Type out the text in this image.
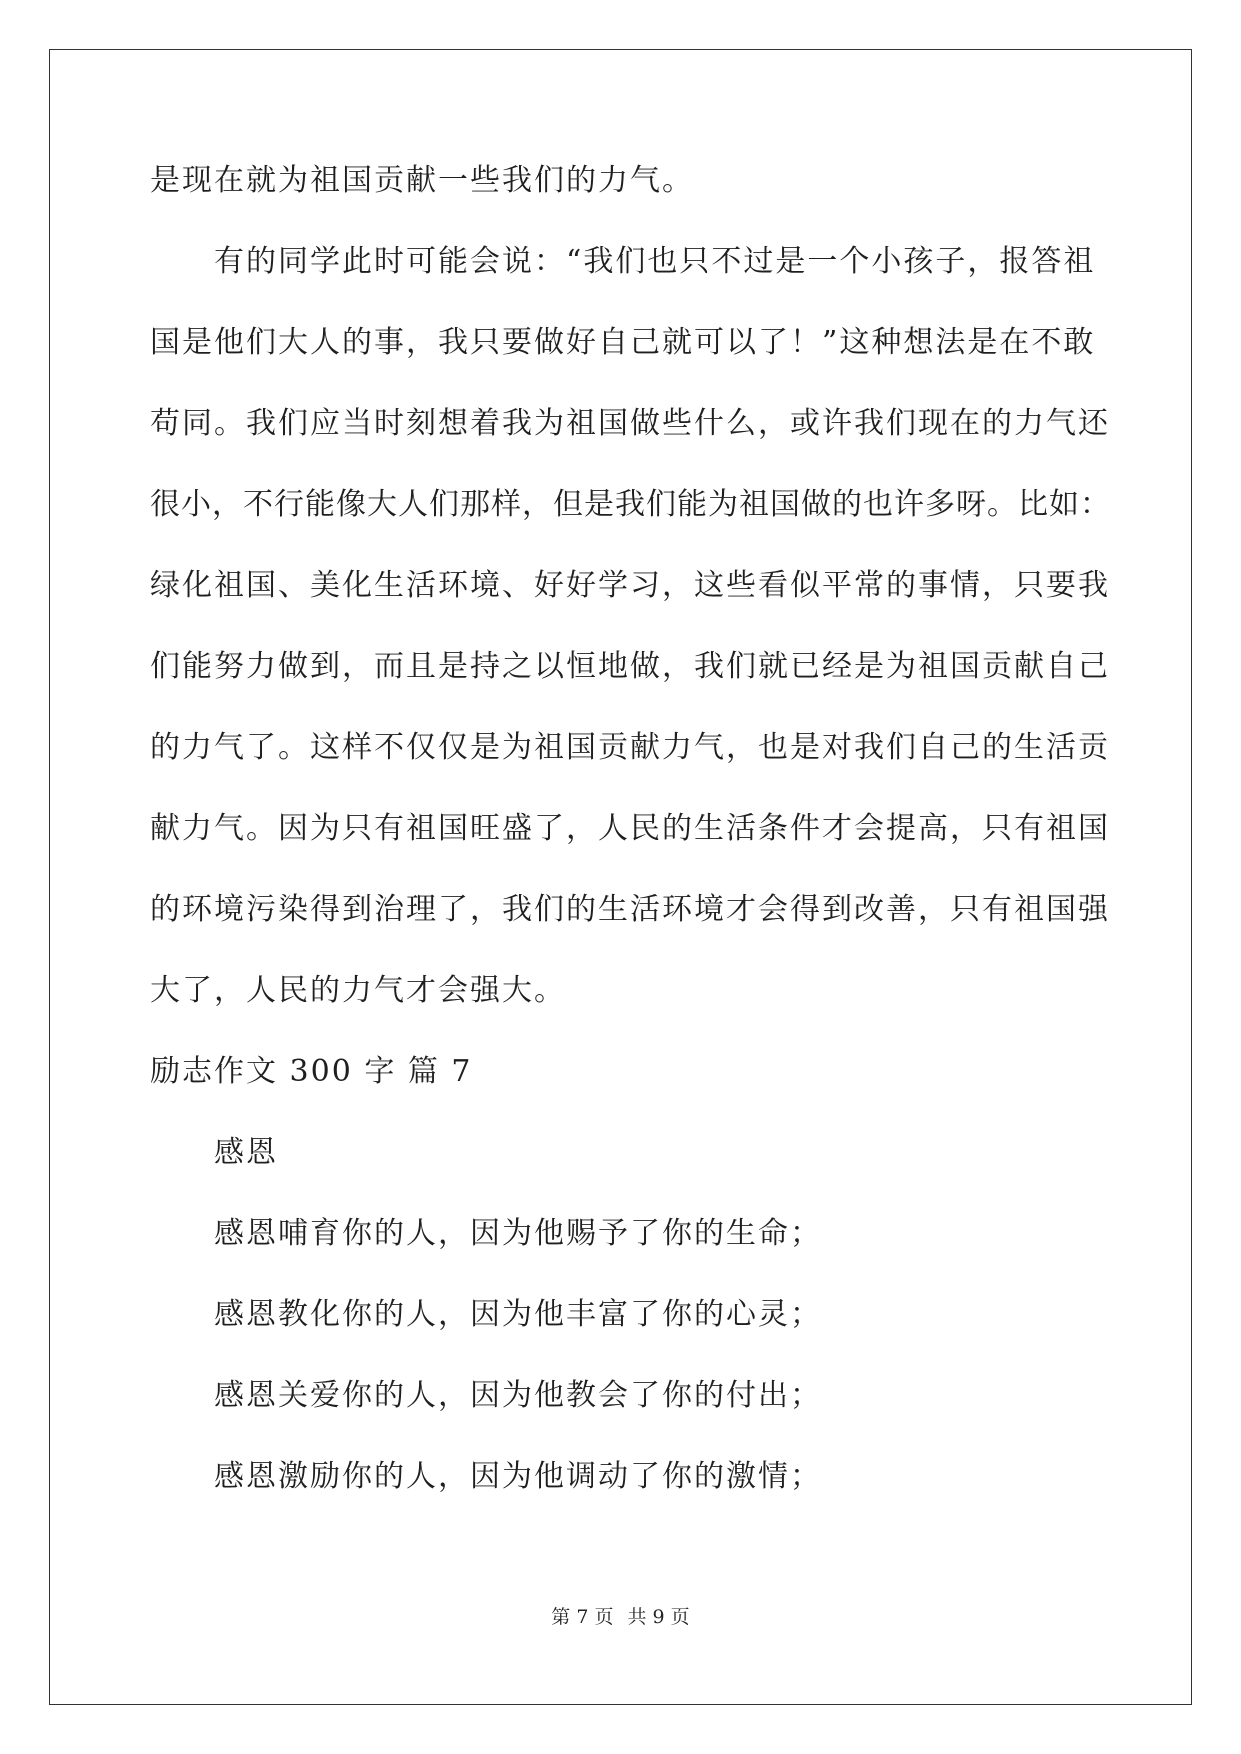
是现在就为祖国贡献一些我们的力气。
有的同学此时可能会说：“我们也只不过是一个小孩子，报答祖
国是他们大人的事，我只要做好自己就可以了！”这种想法是在不敢
苟同。我们应当时刻想着我为祖国做些什么，或许我们现在的力气还
很小，不行能像大人们那样，但是我们能为祖国做的也许多呀。比如：
绿化祖国、美化生活环境、好好学习，这些看似平常的事情，只要我
们能努力做到，而且是持之以恒地做，我们就已经是为祖国贡献自己
的力气了。这样不仅仅是为祖国贡献力气，也是对我们自己的生活贡
献力气。因为只有祖国旺盛了，人民的生活条件才会提高，只有祖国
的环境污染得到治理了，我们的生活环境才会得到改善，只有祖国强
大了，人民的力气才会强大。
励志作文 300 字 篇 7
感恩
感恩哺育你的人，因为他赐予了你的生命；
感恩教化你的人，因为他丰富了你的心灵；
感恩关爱你的人，因为他教会了你的付出；
感恩激励你的人，因为他调动了你的激情；
第 7 页 共 9 页
